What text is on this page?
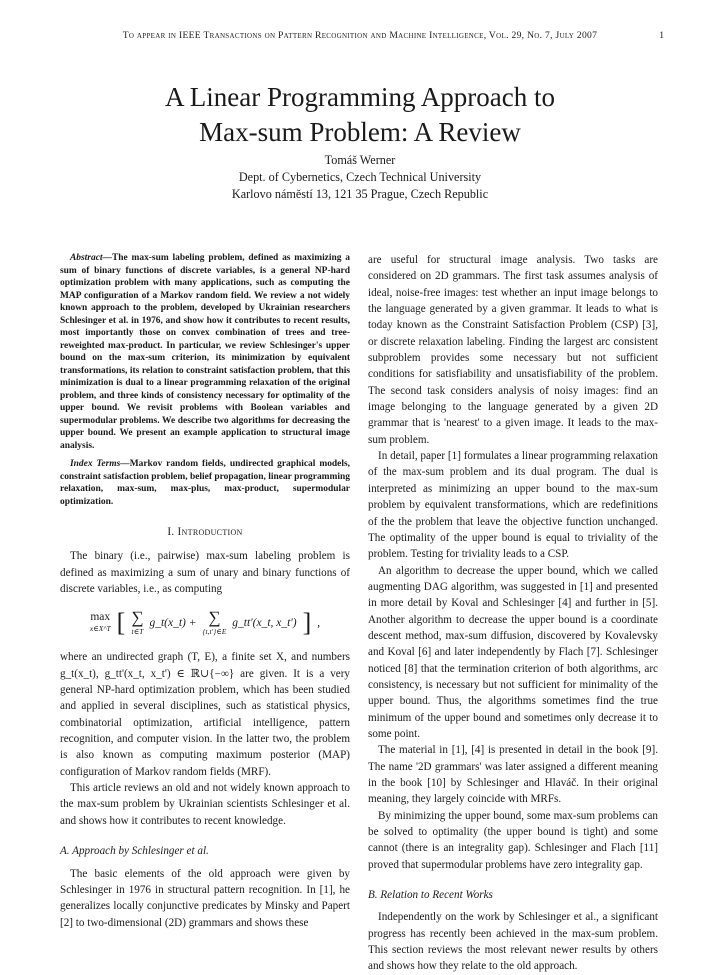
To appear in IEEE Transactions on Pattern Recognition and Machine Intelligence, Vol. 29, No. 7, July 2007	1
A Linear Programming Approach to
Max-sum Problem: A Review
Tomáš Werner
Dept. of Cybernetics, Czech Technical University
Karlovo náměstí 13, 121 35 Prague, Czech Republic

Abstract—The max-sum labeling problem, defined as maximizing a sum of binary functions of discrete variables, is a general NP-hard optimization problem with many applications, such as computing the MAP configuration of a Markov random field. We review a not widely known approach to the problem, developed by Ukrainian researchers Schlesinger et al. in 1976, and show how it contributes to recent results, most importantly those on convex combination of trees and tree-reweighted max-product. In particular, we review Schlesinger's upper bound on the max-sum criterion, its minimization by equivalent transformations, its relation to constraint satisfaction problem, that this minimization is dual to a linear programming relaxation of the original problem, and three kinds of consistency necessary for optimality of the upper bound. We revisit problems with Boolean variables and supermodular problems. We describe two algorithms for decreasing the upper bound. We present an example application to structural image analysis.

Index Terms—Markov random fields, undirected graphical models, constraint satisfaction problem, belief propagation, linear programming relaxation, max-sum, max-plus, max-product, supermodular optimization.

I. Introduction

The binary (i.e., pairwise) max-sum labeling problem is defined as maximizing a sum of unary and binary functions of discrete variables, i.e., as computing

max
x∈X^T [ ∑
t∈T
g_t(x_t) + ∑
{t,t'}∈E
g_tt'(x_t, x_t') ] ,

where an undirected graph (T, E), a finite set X, and numbers g_t(x_t), g_tt'(x_t, x_t') ∈ ℝ∪{−∞} are given. It is a very general NP-hard optimization problem, which has been studied and applied in several disciplines, such as statistical physics, combinatorial optimization, artificial intelligence, pattern recognition, and computer vision. In the latter two, the problem is also known as computing maximum posterior (MAP) configuration of Markov random fields (MRF).

This article reviews an old and not widely known approach to the max-sum problem by Ukrainian scientists Schlesinger et al. and shows how it contributes to recent knowledge.

A. Approach by Schlesinger et al.

The basic elements of the old approach were given by Schlesinger in 1976 in structural pattern recognition. In [1], he generalizes locally conjunctive predicates by Minsky and Papert [2] to two-dimensional (2D) grammars and shows these

are useful for structural image analysis. Two tasks are considered on 2D grammars. The first task assumes analysis of ideal, noise-free images: test whether an input image belongs to the language generated by a given grammar. It leads to what is today known as the Constraint Satisfaction Problem (CSP) [3], or discrete relaxation labeling. Finding the largest arc consistent subproblem provides some necessary but not sufficient conditions for satisfiability and unsatisfiability of the problem. The second task considers analysis of noisy images: find an image belonging to the language generated by a given 2D grammar that is 'nearest' to a given image. It leads to the max-sum problem.

In detail, paper [1] formulates a linear programming relaxation of the max-sum problem and its dual program. The dual is interpreted as minimizing an upper bound to the max-sum problem by equivalent transformations, which are redefinitions of the the problem that leave the objective function unchanged. The optimality of the upper bound is equal to triviality of the problem. Testing for triviality leads to a CSP.

An algorithm to decrease the upper bound, which we called augmenting DAG algorithm, was suggested in [1] and presented in more detail by Koval and Schlesinger [4] and further in [5]. Another algorithm to decrease the upper bound is a coordinate descent method, max-sum diffusion, discovered by Kovalevsky and Koval [6] and later independently by Flach [7]. Schlesinger noticed [8] that the termination criterion of both algorithms, arc consistency, is necessary but not sufficient for minimality of the upper bound. Thus, the algorithms sometimes find the true minimum of the upper bound and sometimes only decrease it to some point.

The material in [1], [4] is presented in detail in the book [9]. The name '2D grammars' was later assigned a different meaning in the book [10] by Schlesinger and Hlaváč. In their original meaning, they largely coincide with MRFs.

By minimizing the upper bound, some max-sum problems can be solved to optimality (the upper bound is tight) and some cannot (there is an integrality gap). Schlesinger and Flach [11] proved that supermodular problems have zero integrality gap.

B. Relation to Recent Works

Independently on the work by Schlesinger et al., a significant progress has recently been achieved in the max-sum problem. This section reviews the most relevant newer results by others and shows how they relate to the old approach.
